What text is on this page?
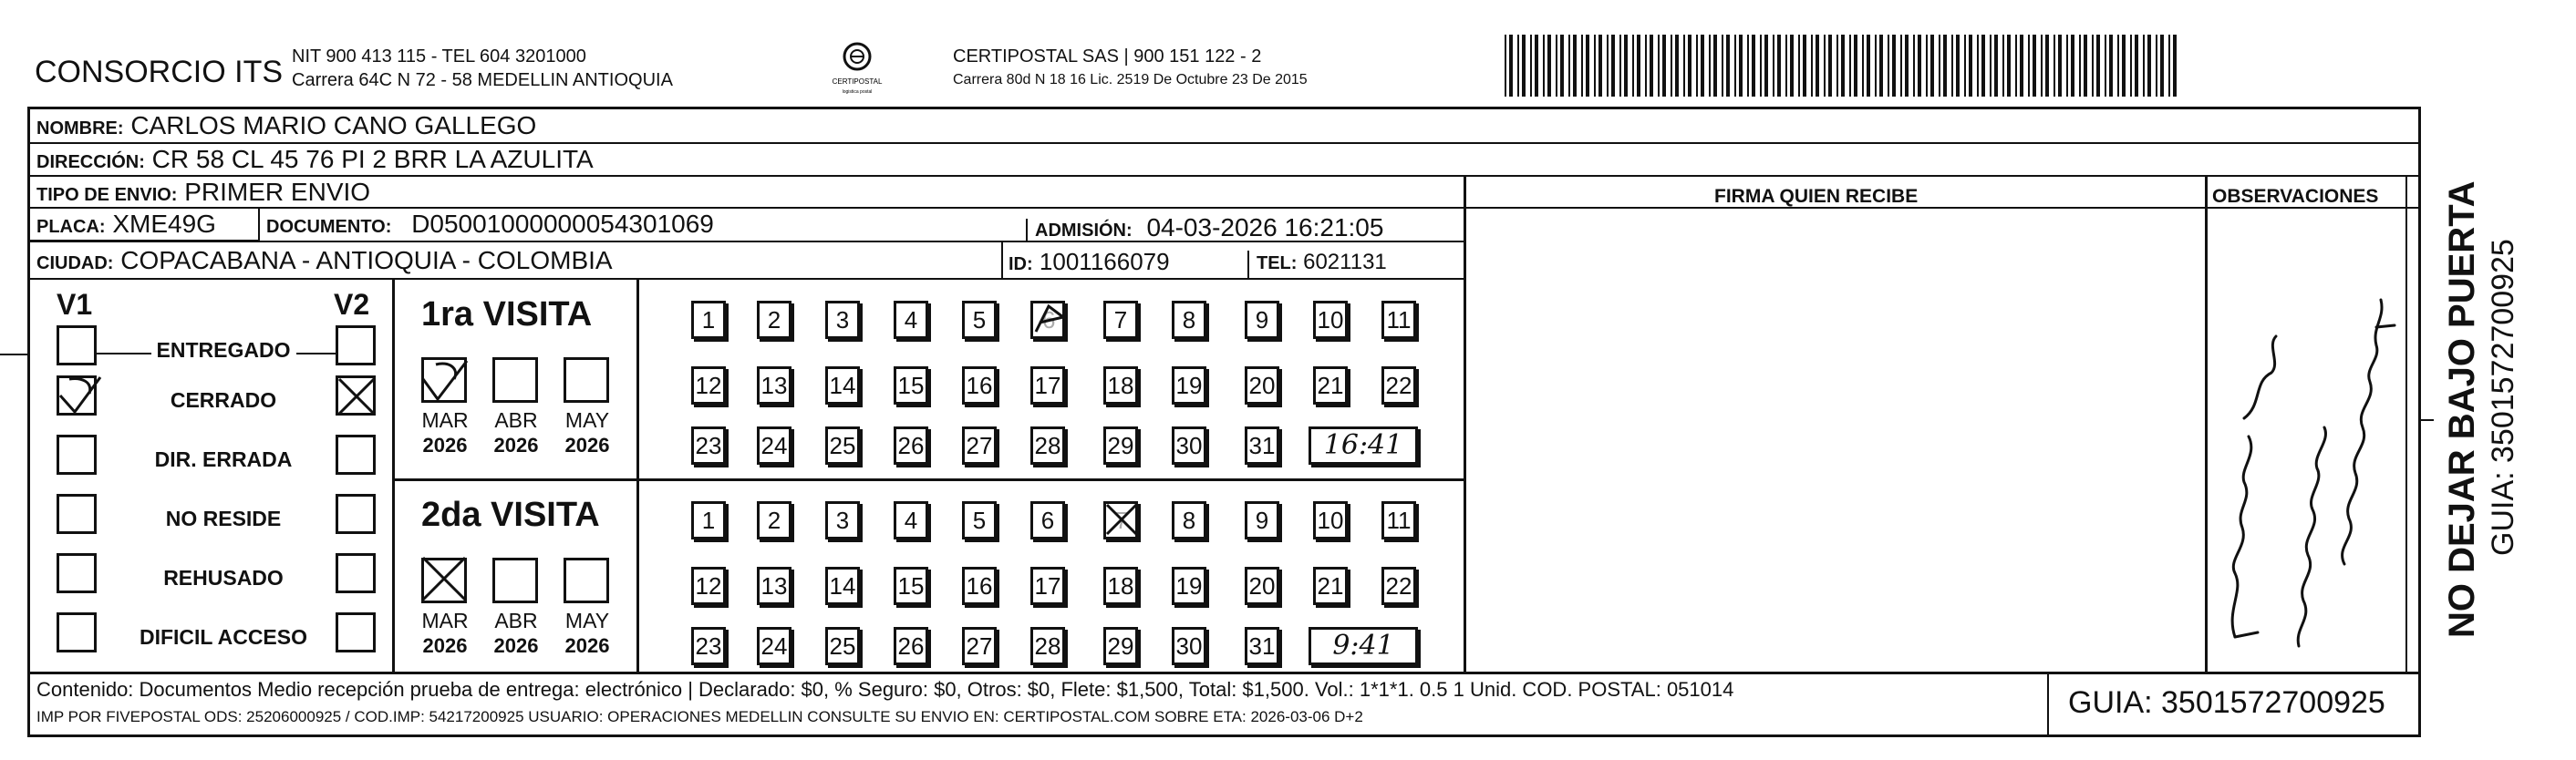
CONSORCIO ITS NIT 900 413 115 - TEL 604 3201000
Carrera 64C N 72 - 58 MEDELLIN ANTIOQUIA	CERTIPOSTAL
logistica postal
CERTIPOSTAL SAS | 900 151 122 - 2
Carrera 80d N 18 16 Lic. 2519 De Octubre 23 De 2015
NOMBRE: CARLOS MARIO CANO GALLEGO
DIRECCIÓN: CR 58 CL 45 76 PI 2 BRR LA AZULITA
TIPO DE ENVIO: PRIMER ENVIO	FIRMA QUIEN RECIBE	OBSERVACIONES
PLACA: XME49G	DOCUMENTO: D05001000000054301069	ADMISIÓN: 04-03-2026 16:21:05
CIUDAD: COPACABANA - ANTIOQUIA - COLOMBIA	ID: 1001166079	TEL: 6021131
V1	V2
ENTREGADO
CERRADO
DIR. ERRADA
NO RESIDE
REHUSADO
DIFICIL ACCESO
1ra VISITA
MAR
2026
ABR
2026
MAY
2026
1	2	3	4	5	6	7	8	9	10 11
12 13 14 15 16 17 18 19 20 21 22
23 24 25 26 27 28 29 30 31	16:41
2da VISITA
MAR
2026
ABR
2026
MAY
2026
1	2	3	4	5	6	7	8	9	10 11
12 13 14 15 16 17 18 19 20 21 22
23 24 25 26 27 28 29 30 31	9:41
Puerta rayo
Contenido: Documentos Medio recepción prueba de entrega: electrónico | Declarado: $0, % Seguro: $0, Otros: $0, Flete: $1,500, Total: $1,500. Vol.: 1*1*1. 0.5 1 Unid. COD. POSTAL: 051014
IMP POR FIVEPOSTAL ODS: 25206000925 / COD.IMP: 54217200925 USUARIO: OPERACIONES MEDELLIN CONSULTE SU ENVIO EN: CERTIPOSTAL.COM SOBRE ETA: 2026-03-06 D+2	GUIA: 3501572700925
NO DEJAR BAJO PUERTA GUIA: 3501572700925
